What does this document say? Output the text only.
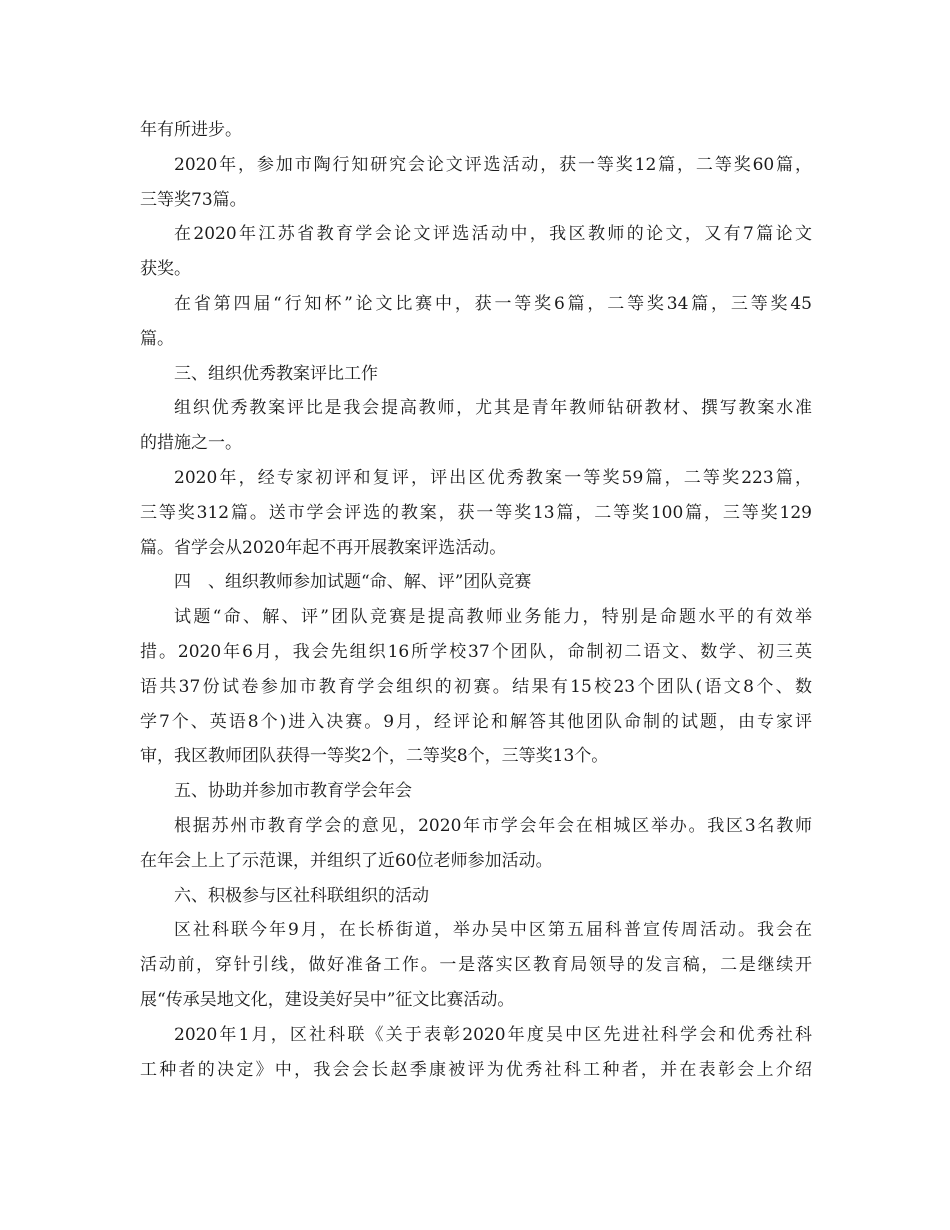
年有所进步。
2020年，参加市陶行知研究会论文评选活动，获一等奖12篇，二等奖60篇，
三等奖73篇。
在2020年江苏省教育学会论文评选活动中，我区教师的论文，又有7篇论文
获奖。
在省第四届“行知杯”论文比赛中，获一等奖6篇，二等奖34篇，三等奖45
篇。
三、组织优秀教案评比工作
组织优秀教案评比是我会提高教师，尤其是青年教师钻研教材、撰写教案水准
的措施之一。
2020年，经专家初评和复评，评出区优秀教案一等奖59篇，二等奖223篇，
三等奖312篇。送市学会评选的教案，获一等奖13篇，二等奖100篇，三等奖129
篇。省学会从2020年起不再开展教案评选活动。
四　、组织教师参加试题“命、解、评”团队竞赛
试题“命、解、评”团队竞赛是提高教师业务能力，特别是命题水平的有效举
措。2020年6月，我会先组织16所学校37个团队，命制初二语文、数学、初三英
语共37份试卷参加市教育学会组织的初赛。结果有15校23个团队(语文8个、数
学7个、英语8个)进入决赛。9月，经评论和解答其他团队命制的试题，由专家评
审，我区教师团队获得一等奖2个，二等奖8个，三等奖13个。
五、协助并参加市教育学会年会
根据苏州市教育学会的意见，2020年市学会年会在相城区举办。我区3名教师
在年会上上了示范课，并组织了近60位老师参加活动。
六、积极参与区社科联组织的活动
区社科联今年9月，在长桥街道，举办吴中区第五届科普宣传周活动。我会在
活动前，穿针引线，做好准备工作。一是落实区教育局领导的发言稿，二是继续开
展“传承吴地文化，建设美好吴中”征文比赛活动。
2020年1月，区社科联《关于表彰2020年度吴中区先进社科学会和优秀社科
工种者的决定》中，我会会长赵季康被评为优秀社科工种者，并在表彰会上介绍
